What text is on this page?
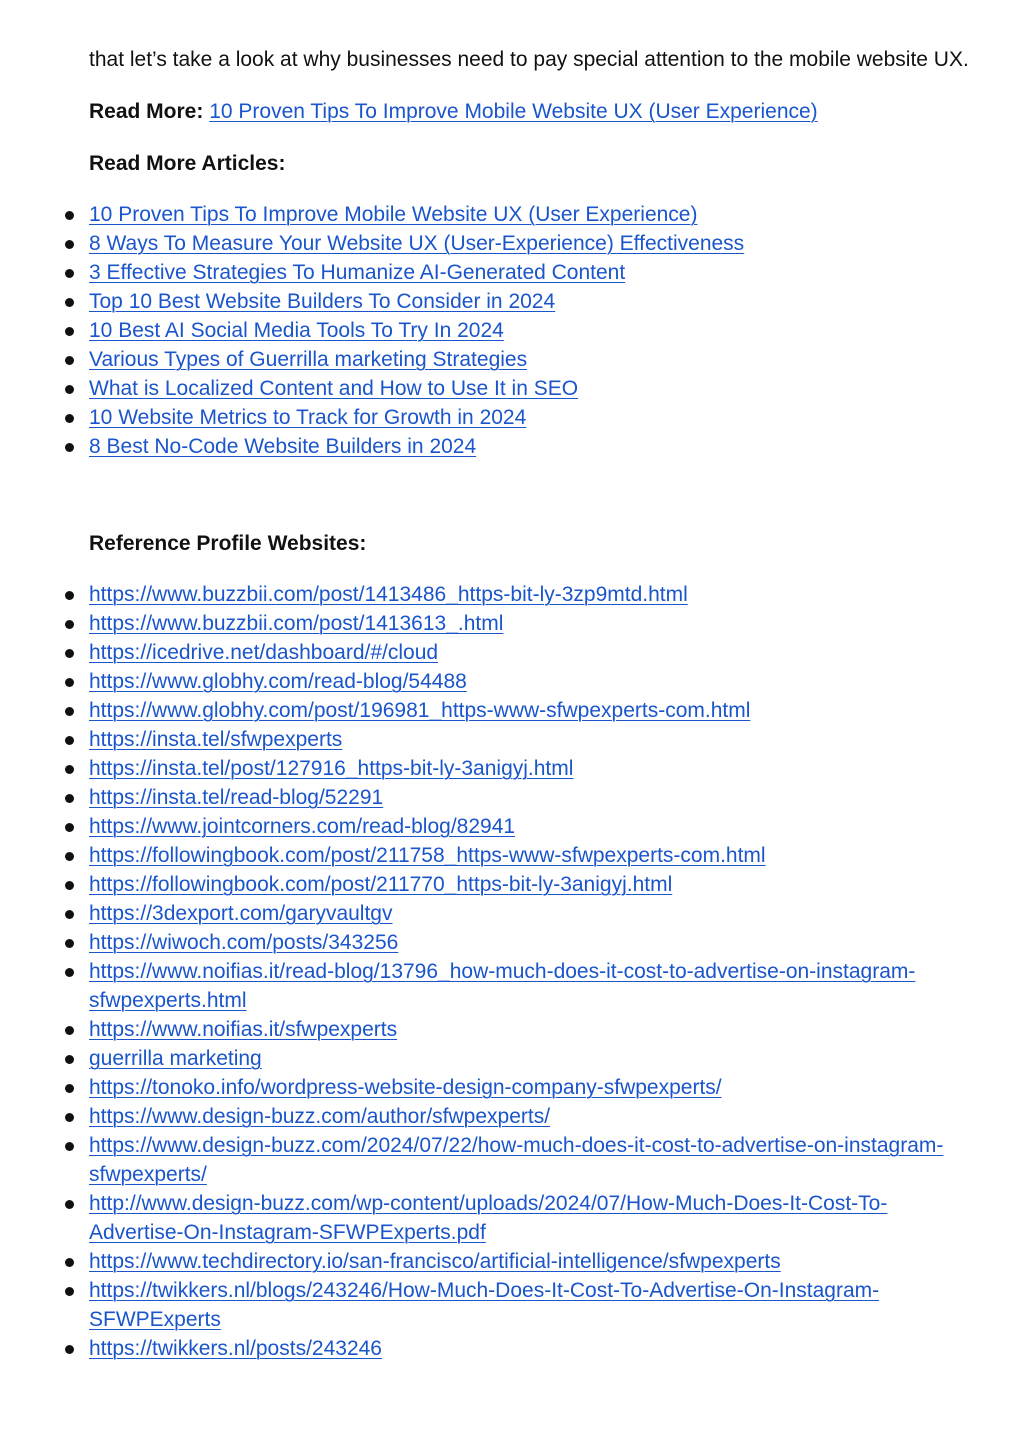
that let’s take a look at why businesses need to pay special attention to the mobile website UX.

Read More: 10 Proven Tips To Improve Mobile Website UX (User Experience)

Read More Articles:
10 Proven Tips To Improve Mobile Website UX (User Experience)
8 Ways To Measure Your Website UX (User-Experience) Effectiveness
3 Effective Strategies To Humanize AI-Generated Content
Top 10 Best Website Builders To Consider in 2024
10 Best AI Social Media Tools To Try In 2024
Various Types of Guerrilla marketing Strategies
What is Localized Content and How to Use It in SEO
10 Website Metrics to Track for Growth in 2024
8 Best No-Code Website Builders in 2024
Reference Profile Websites:
https://www.buzzbii.com/post/1413486_https-bit-ly-3zp9mtd.html
https://www.buzzbii.com/post/1413613_.html
https://icedrive.net/dashboard/#/cloud
https://www.globhy.com/read-blog/54488
https://www.globhy.com/post/196981_https-www-sfwpexperts-com.html
https://insta.tel/sfwpexperts
https://insta.tel/post/127916_https-bit-ly-3anigyj.html
https://insta.tel/read-blog/52291
https://www.jointcorners.com/read-blog/82941
https://followingbook.com/post/211758_https-www-sfwpexperts-com.html
https://followingbook.com/post/211770_https-bit-ly-3anigyj.html
https://3dexport.com/garyvaultgv
https://wiwoch.com/posts/343256
https://www.noifias.it/read-blog/13796_how-much-does-it-cost-to-advertise-on-instagram-sfwpexperts.html
https://www.noifias.it/sfwpexperts
guerrilla marketing
https://tonoko.info/wordpress-website-design-company-sfwpexperts/
https://www.design-buzz.com/author/sfwpexperts/
https://www.design-buzz.com/2024/07/22/how-much-does-it-cost-to-advertise-on-instagram-sfwpexperts/
http://www.design-buzz.com/wp-content/uploads/2024/07/How-Much-Does-It-Cost-To-Advertise-On-Instagram-SFWPExperts.pdf
https://www.techdirectory.io/san-francisco/artificial-intelligence/sfwpexperts
https://twikkers.nl/blogs/243246/How-Much-Does-It-Cost-To-Advertise-On-Instagram-SFWPExperts
https://twikkers.nl/posts/243246
